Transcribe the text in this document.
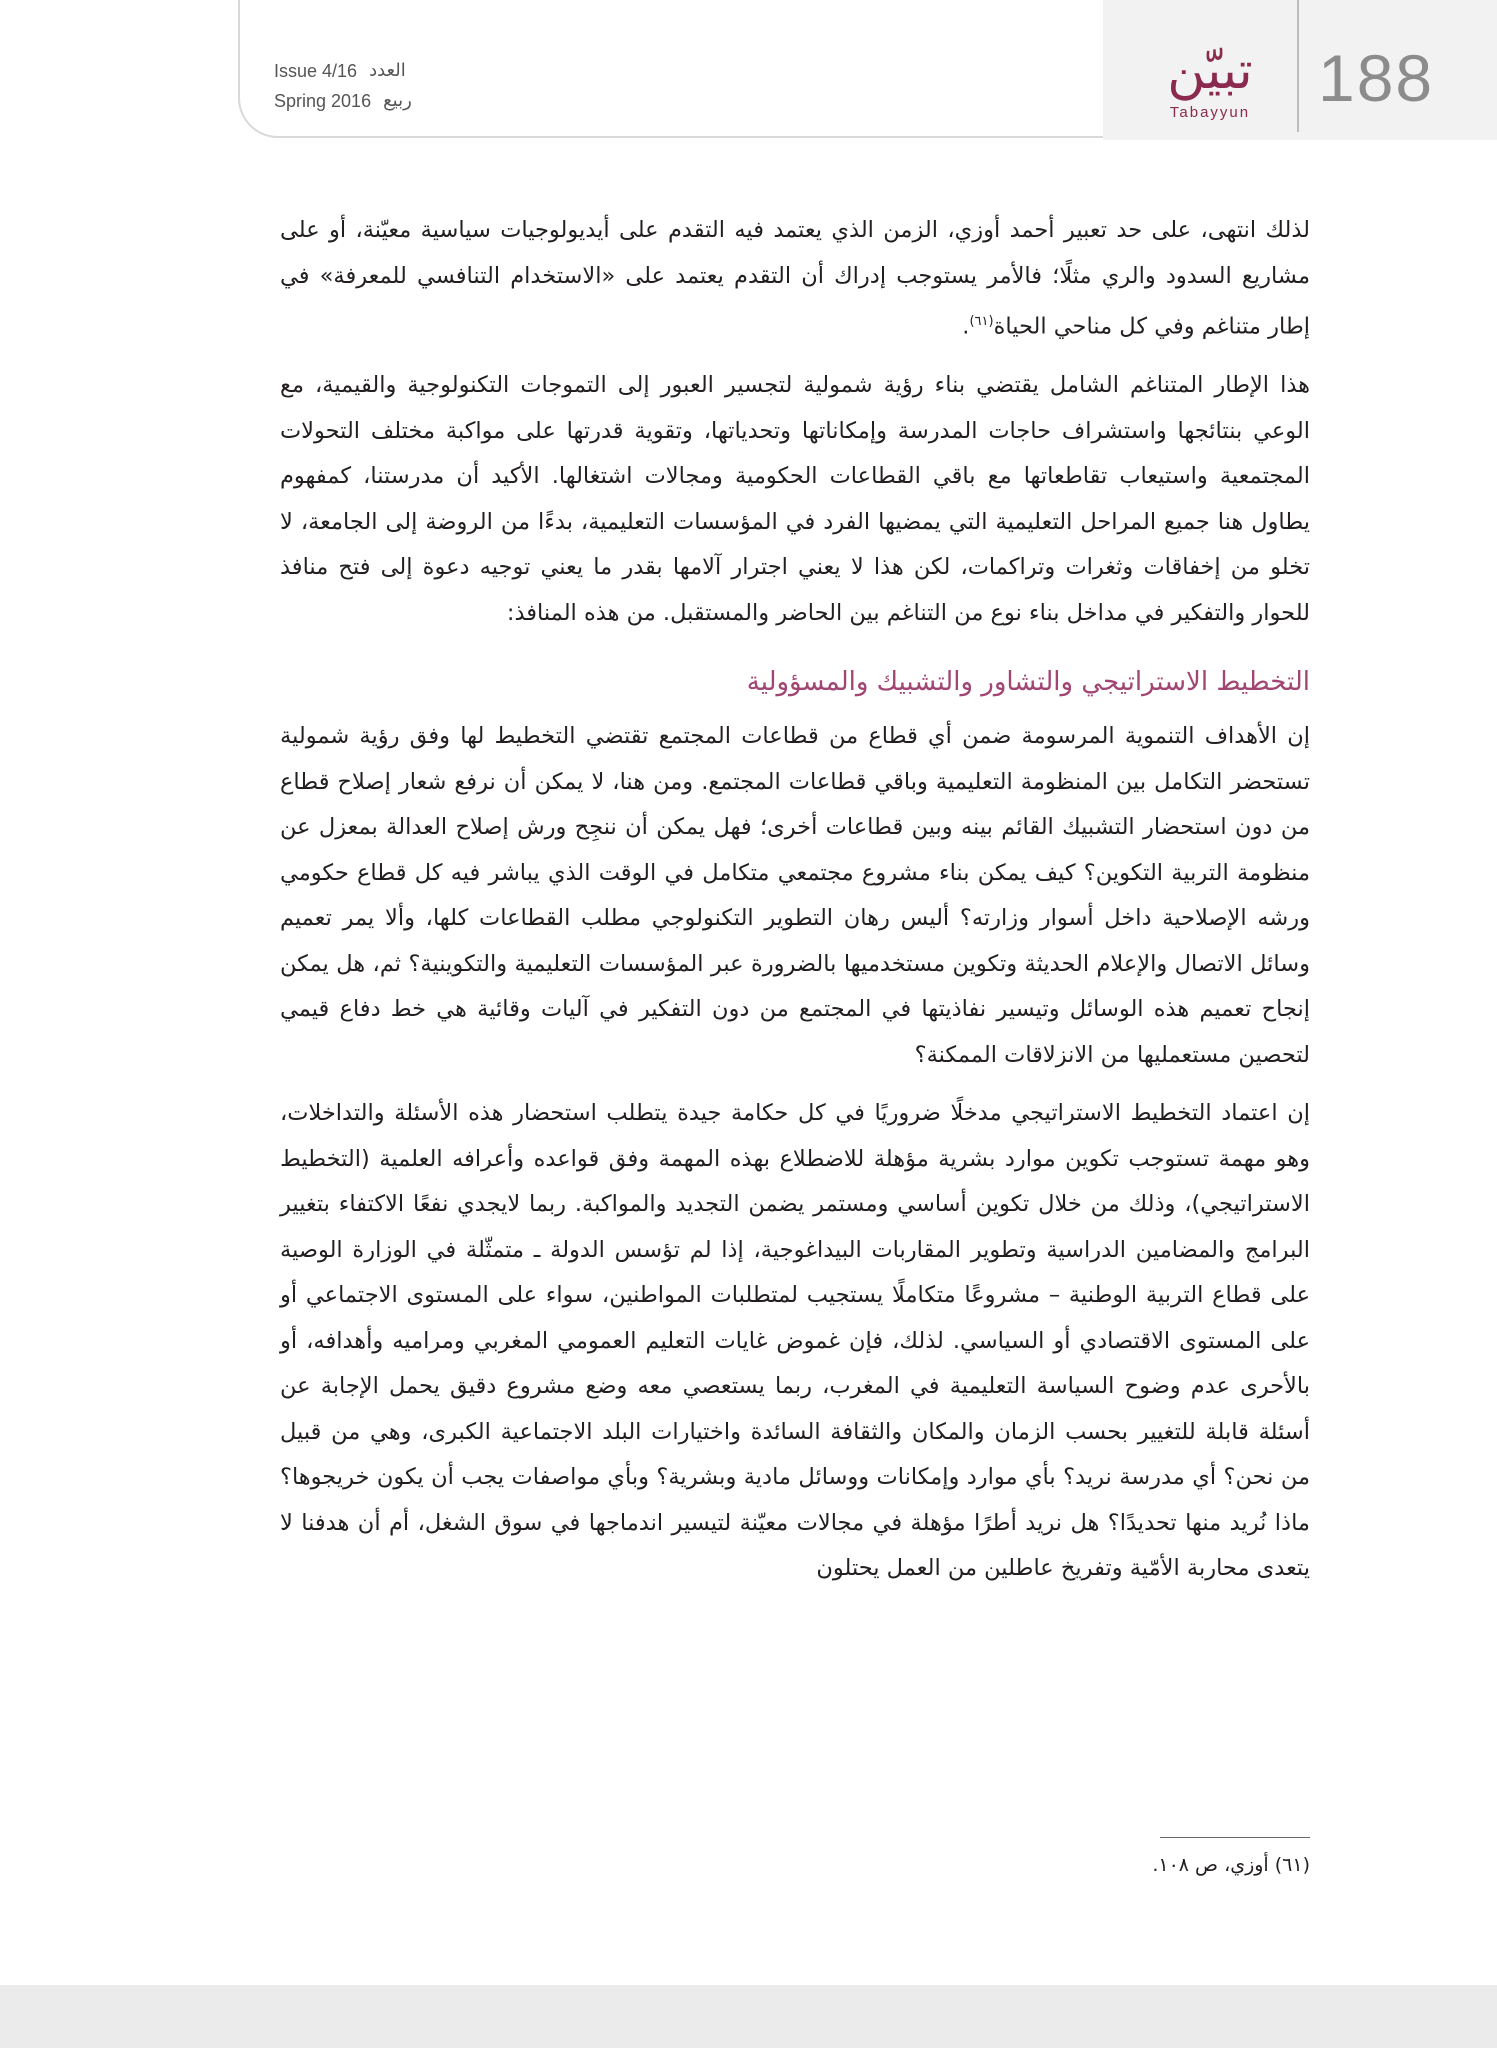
Issue 4/16 العدد
Spring 2016 ربيع	تبيّن
Tabayyun	188

لذلك انتهى، على حد تعبير أحمد أوزي، الزمن الذي يعتمد فيه التقدم على أيديولوجيات سياسية معيّنة، أو على مشاريع السدود والري مثلًا؛ فالأمر يستوجب إدراك أن التقدم يعتمد على «الاستخدام التنافسي للمعرفة» في إطار متناغم وفي كل مناحي الحياة$^{(٦١)}$.

هذا الإطار المتناغم الشامل يقتضي بناء رؤية شمولية لتجسير العبور إلى التموجات التكنولوجية والقيمية، مع الوعي بنتائجها واستشراف حاجات المدرسة وإمكاناتها وتحدياتها، وتقوية قدرتها على مواكبة مختلف التحولات المجتمعية واستيعاب تقاطعاتها مع باقي القطاعات الحكومية ومجالات اشتغالها. الأكيد أن مدرستنا، كمفهوم يطاول هنا جميع المراحل التعليمية التي يمضيها الفرد في المؤسسات التعليمية، بدءًا من الروضة إلى الجامعة، لا تخلو من إخفاقات وثغرات وتراكمات، لكن هذا لا يعني اجترار آلامها بقدر ما يعني توجيه دعوة إلى فتح منافذ للحوار والتفكير في مداخل بناء نوع من التناغم بين الحاضر والمستقبل. من هذه المنافذ:

التخطيط الاستراتيجي والتشاور والتشبيك والمسؤولية

إن الأهداف التنموية المرسومة ضمن أي قطاع من قطاعات المجتمع تقتضي التخطيط لها وفق رؤية شمولية تستحضر التكامل بين المنظومة التعليمية وباقي قطاعات المجتمع. ومن هنا، لا يمكن أن نرفع شعار إصلاح قطاع من دون استحضار التشبيك القائم بينه وبين قطاعات أخرى؛ فهل يمكن أن ننجِح ورش إصلاح العدالة بمعزل عن منظومة التربية التكوين؟ كيف يمكن بناء مشروع مجتمعي متكامل في الوقت الذي يباشر فيه كل قطاع حكومي ورشه الإصلاحية داخل أسوار وزارته؟ أليس رهان التطوير التكنولوجي مطلب القطاعات كلها، وألا يمر تعميم وسائل الاتصال والإعلام الحديثة وتكوين مستخدميها بالضرورة عبر المؤسسات التعليمية والتكوينية؟ ثم، هل يمكن إنجاح تعميم هذه الوسائل وتيسير نفاذيتها في المجتمع من دون التفكير في آليات وقائية هي خط دفاع قيمي لتحصين مستعمليها من الانزلاقات الممكنة؟

إن اعتماد التخطيط الاستراتيجي مدخلًا ضروريًا في كل حكامة جيدة يتطلب استحضار هذه الأسئلة والتداخلات، وهو مهمة تستوجب تكوين موارد بشرية مؤهلة للاضطلاع بهذه المهمة وفق قواعده وأعرافه العلمية (التخطيط الاستراتيجي)، وذلك من خلال تكوين أساسي ومستمر يضمن التجديد والمواكبة. ربما لايجدي نفعًا الاكتفاء بتغيير البرامج والمضامين الدراسية وتطوير المقاربات البيداغوجية، إذا لم تؤسس الدولة ـ متمثّلة في الوزارة الوصية على قطاع التربية الوطنية – مشروعًا متكاملًا يستجيب لمتطلبات المواطنين، سواء على المستوى الاجتماعي أو على المستوى الاقتصادي أو السياسي. لذلك، فإن غموض غايات التعليم العمومي المغربي ومراميه وأهدافه، أو بالأحرى عدم وضوح السياسة التعليمية في المغرب، ربما يستعصي معه وضع مشروع دقيق يحمل الإجابة عن أسئلة قابلة للتغيير بحسب الزمان والمكان والثقافة السائدة واختيارات البلد الاجتماعية الكبرى، وهي من قبيل من نحن؟ أي مدرسة نريد؟ بأي موارد وإمكانات ووسائل مادية وبشرية؟ وبأي مواصفات يجب أن يكون خريجوها؟ ماذا نُريد منها تحديدًا؟ هل نريد أطرًا مؤهلة في مجالات معيّنة لتيسير اندماجها في سوق الشغل، أم أن هدفنا لا يتعدى محاربة الأمّية وتفريخ عاطلين من العمل يحتلون

(٦١) أوزي، ص ١٠٨.
